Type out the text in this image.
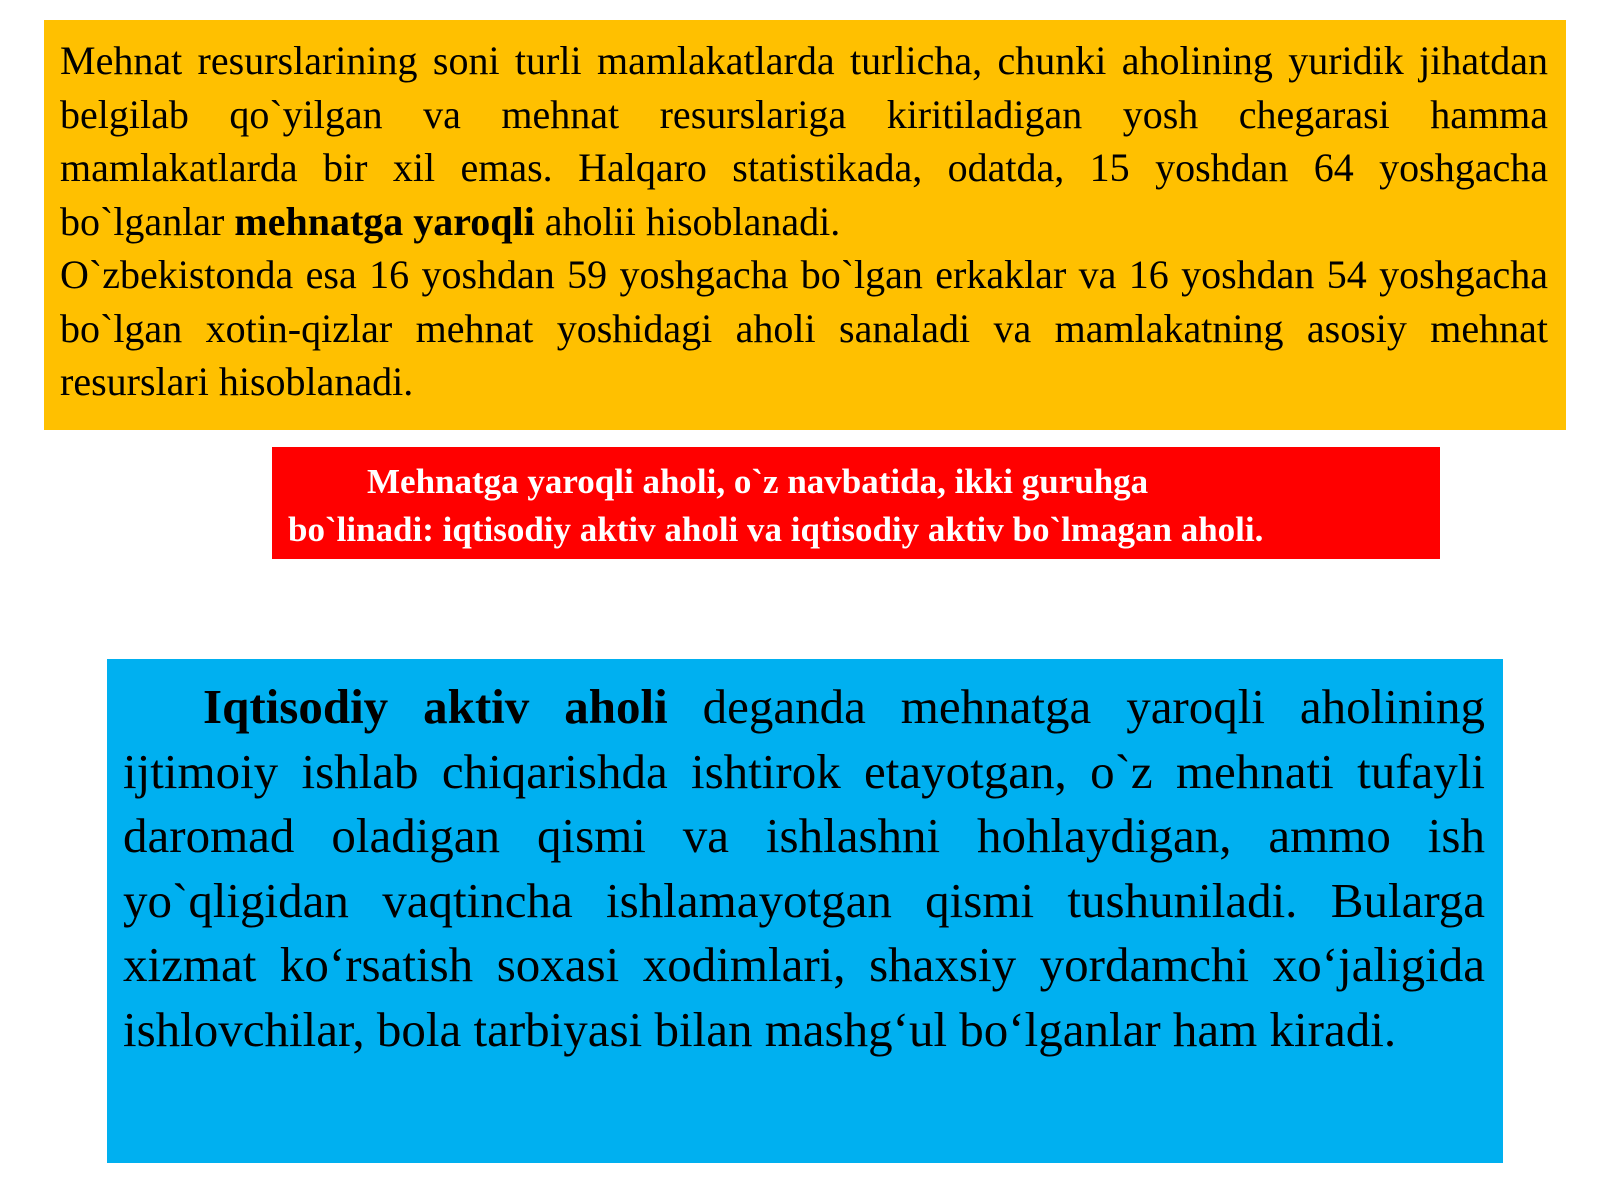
Mehnat resurslarining soni turli mamlakatlarda turlicha, chunki aholining yuridik jihatdan belgilab qo`yilgan va mehnat resurslariga kiritiladigan yosh chegarasi hamma mamlakatlarda bir xil emas. Halqaro statistikada, odatda, 15 yoshdan 64 yoshgacha bo`lganlar mehnatga yaroqli aholii hisoblanadi.

O`zbekistonda esa 16 yoshdan 59 yoshgacha bo`lgan erkaklar va 16 yoshdan 54 yoshgacha bo`lgan xotin-qizlar mehnat yoshidagi aholi sanaladi va mamlakatning asosiy mehnat resurslari hisoblanadi.

Mehnatga yaroqli aholi, o`z navbatida, ikki guruhga

bo`linadi: iqtisodiy aktiv aholi va iqtisodiy aktiv bo`lmagan aholi.

Iqtisodiy aktiv aholi deganda mehnatga yaroqli aholining ijtimoiy ishlab chiqarishda ishtirok etayotgan, o`z mehnati tufayli daromad oladigan qismi va ishlashni hohlaydigan, ammo ish yo`qligidan vaqtincha ishlamayotgan qismi tushuniladi. Bularga xizmat ko‘rsatish soxasi xodimlari, shaxsiy yordamchi xo‘jaligida ishlovchilar, bola tarbiyasi bilan mashg‘ul bo‘lganlar ham kiradi.
